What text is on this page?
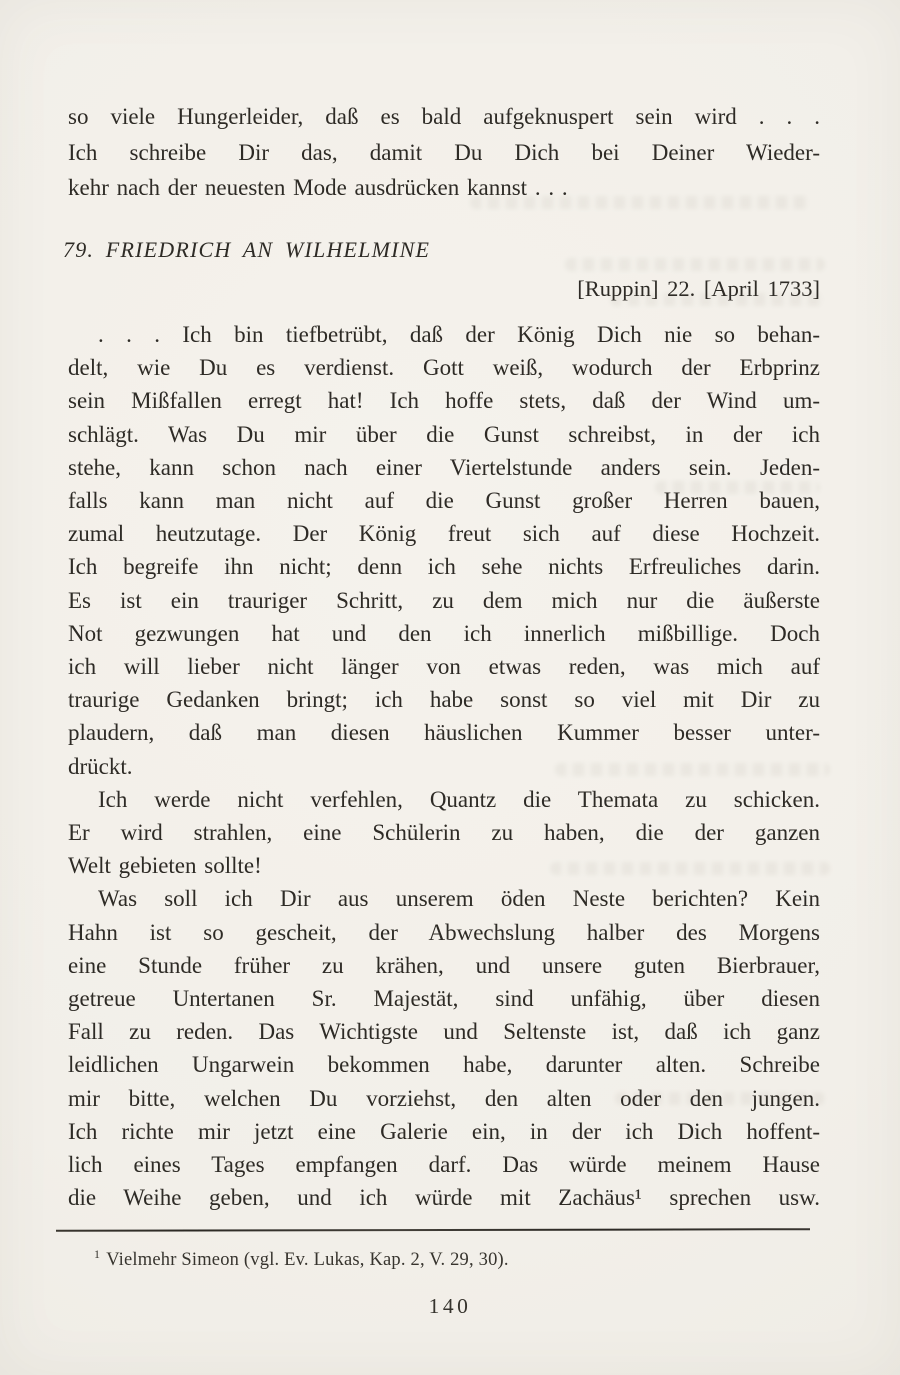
so viele Hungerleider, daß es bald aufgeknuspert sein wird . . .
Ich schreibe Dir das, damit Du Dich bei Deiner Wieder-
kehr nach der neuesten Mode ausdrücken kannst . . .
79. FRIEDRICH AN WILHELMINE
[Ruppin] 22. [April 1733]
. . . Ich bin tiefbetrübt, daß der König Dich nie so behan-
delt, wie Du es verdienst. Gott weiß, wodurch der Erbprinz
sein Mißfallen erregt hat! Ich hoffe stets, daß der Wind um-
schlägt. Was Du mir über die Gunst schreibst, in der ich
stehe, kann schon nach einer Viertelstunde anders sein. Jeden-
falls kann man nicht auf die Gunst großer Herren bauen,
zumal heutzutage. Der König freut sich auf diese Hochzeit.
Ich begreife ihn nicht; denn ich sehe nichts Erfreuliches darin.
Es ist ein trauriger Schritt, zu dem mich nur die äußerste
Not gezwungen hat und den ich innerlich mißbillige. Doch
ich will lieber nicht länger von etwas reden, was mich auf
traurige Gedanken bringt; ich habe sonst so viel mit Dir zu
plaudern, daß man diesen häuslichen Kummer besser unter-
drückt.
Ich werde nicht verfehlen, Quantz die Themata zu schicken.
Er wird strahlen, eine Schülerin zu haben, die der ganzen
Welt gebieten sollte!
Was soll ich Dir aus unserem öden Neste berichten? Kein
Hahn ist so gescheit, der Abwechslung halber des Morgens
eine Stunde früher zu krähen, und unsere guten Bierbrauer,
getreue Untertanen Sr. Majestät, sind unfähig, über diesen
Fall zu reden. Das Wichtigste und Seltenste ist, daß ich ganz
leidlichen Ungarwein bekommen habe, darunter alten. Schreibe
mir bitte, welchen Du vorziehst, den alten oder den jungen.
Ich richte mir jetzt eine Galerie ein, in der ich Dich hoffent-
lich eines Tages empfangen darf. Das würde meinem Hause
die Weihe geben, und ich würde mit Zachäus¹ sprechen usw.
$^1$ Vielmehr Simeon (vgl. Ev. Lukas, Kap. 2, V. 29, 30).
140
